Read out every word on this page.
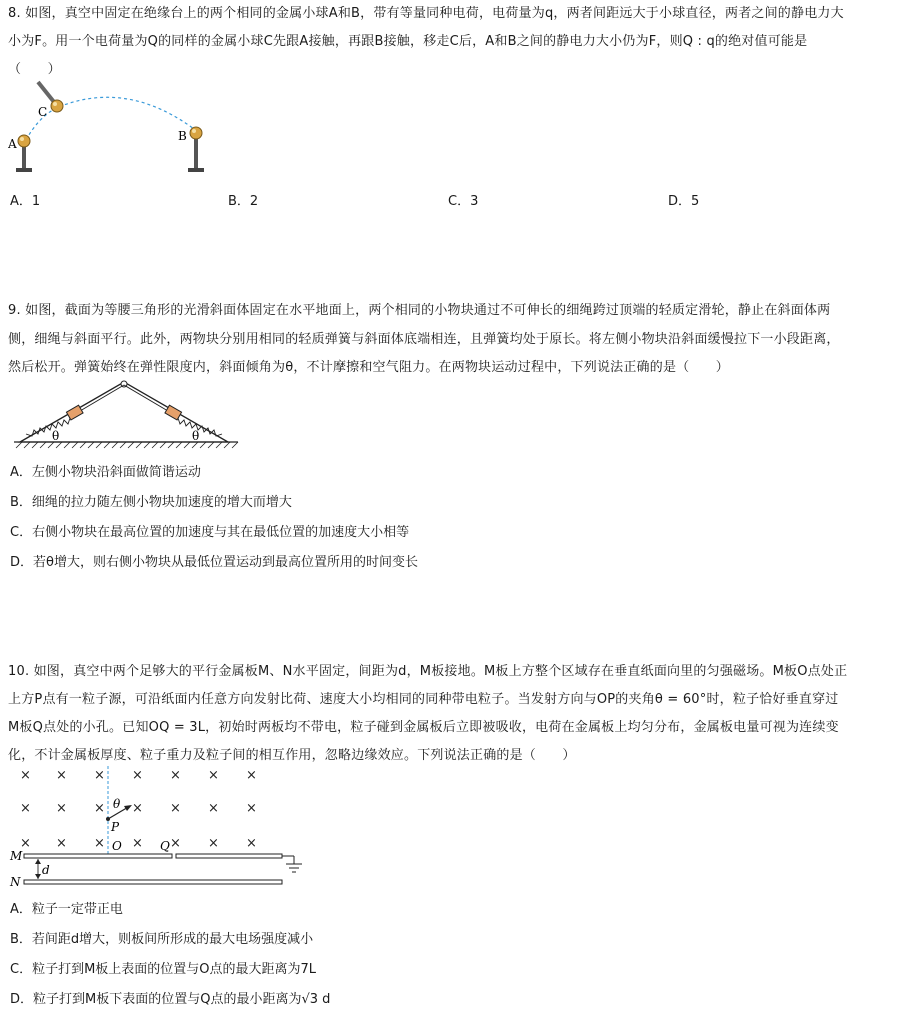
8. 如图，真空中固定在绝缘台上的两个相同的金属小球A和B，带有等量同种电荷，电荷量为q，两者间距远大于小球直径，两者之间的静电力大
小为F。用一个电荷量为Q的同样的金属小球C先跟A接触，再跟B接触，移走C后，A和B之间的静电力大小仍为F，则Q : q的绝对值可能是
（　　）
A
C
B
A．1	B．2	C．3	D．5
9. 如图，截面为等腰三角形的光滑斜面体固定在水平地面上，两个相同的小物块通过不可伸长的细绳跨过顶端的轻质定滑轮，静止在斜面体两
侧，细绳与斜面平行。此外，两物块分别用相同的轻质弹簧与斜面体底端相连，且弹簧均处于原长。将左侧小物块沿斜面缓慢拉下一小段距离，
然后松开。弹簧始终在弹性限度内，斜面倾角为θ，不计摩擦和空气阻力。在两物块运动过程中，下列说法正确的是（　　）
θ	θ
A．左侧小物块沿斜面做简谐运动
B．细绳的拉力随左侧小物块加速度的增大而增大
C．右侧小物块在最高位置的加速度与其在最低位置的加速度大小相等
D．若θ增大，则右侧小物块从最低位置运动到最高位置所用的时间变长
10. 如图，真空中两个足够大的平行金属板M、N水平固定，间距为d，M板接地。M板上方整个区域存在垂直纸面向里的匀强磁场。M板O点处正
上方P点有一粒子源，可沿纸面内任意方向发射比荷、速度大小均相同的同种带电粒子。当发射方向与OP的夹角θ = 60°时，粒子恰好垂直穿过
M板Q点处的小孔。已知OQ = 3L，初始时两板均不带电，粒子碰到金属板后立即被吸收，电荷在金属板上均匀分布，金属板电量可视为连续变
化，不计金属板厚度、粒子重力及粒子间的相互作用，忽略边缘效应。下列说法正确的是（　　）
× × × × × × ×
× × × × × × ×
× × × × × × ×
θ
P
O	Q
d
M
N
A．粒子一定带正电
B．若间距d增大，则板间所形成的最大电场强度减小
C．粒子打到M板上表面的位置与O点的最大距离为7L
D．粒子打到M板下表面的位置与Q点的最小距离为√3 d
